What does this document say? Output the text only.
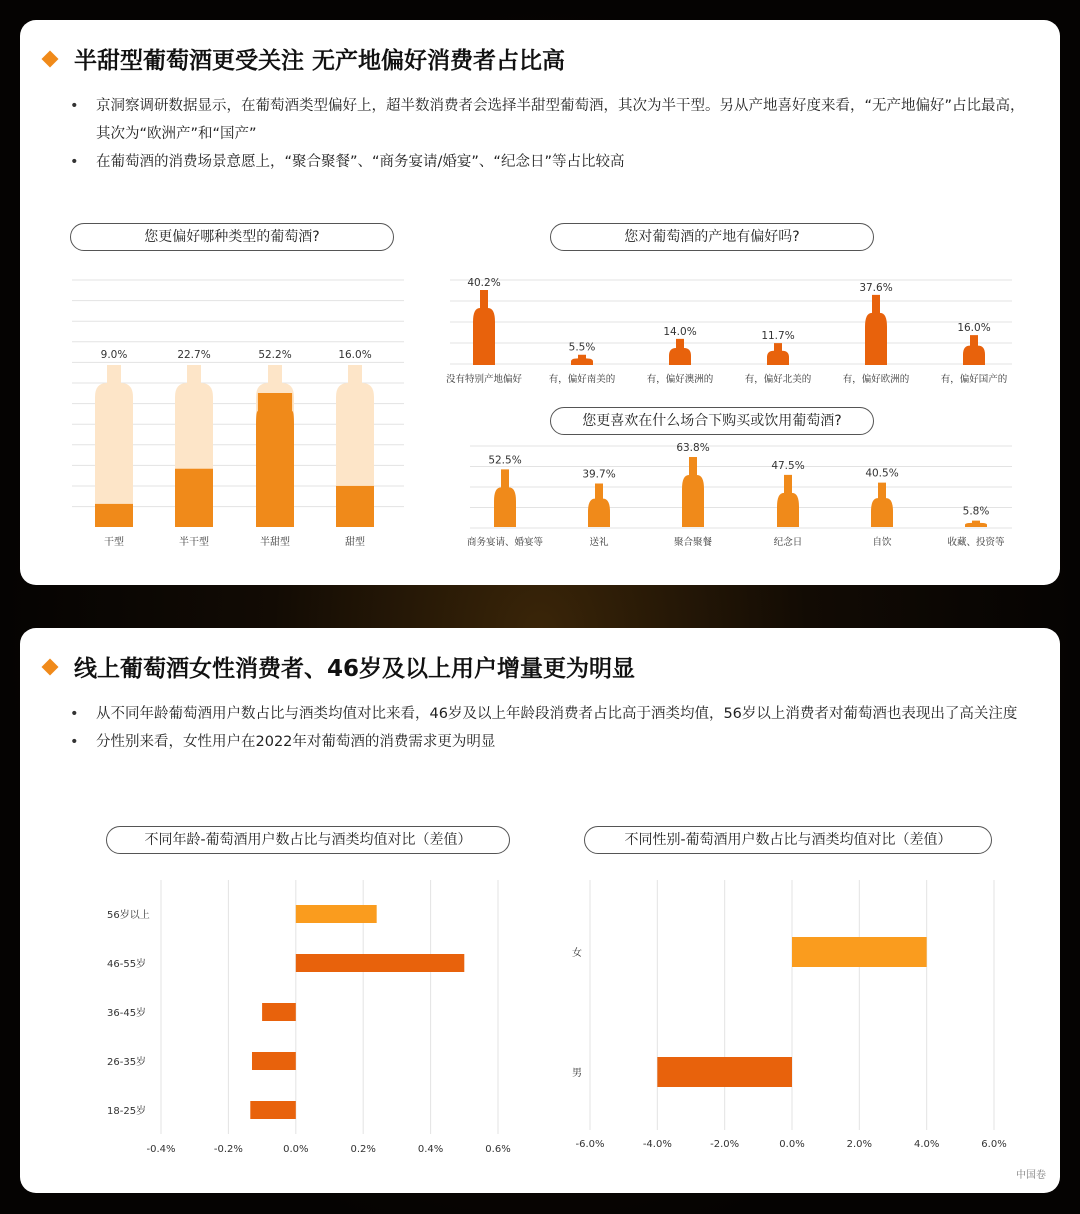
半甜型葡萄酒更受关注 无产地偏好消费者占比高
• 京洞察调研数据显示，在葡萄酒类型偏好上，超半数消费者会选择半甜型葡萄酒，其次为半干型。另从产地喜好度来看，“无产地偏好”占比最高，其次为“欧洲产”和“国产”
• 在葡萄酒的消费场景意愿上，“聚合聚餐”、“商务宴请/婚宴”、“纪念日”等占比较高
您更偏好哪种类型的葡萄酒?	您对葡萄酒的产地有偏好吗?
您更喜欢在什么场合下购买或饮用葡萄酒?
9.0%
干型
22.7%
半干型
52.2%
半甜型
16.0%
甜型
40.2%
没有特别产地偏好
5.5%
有，偏好南美的
14.0%
有，偏好澳洲的
11.7%
有，偏好北美的
37.6%
有，偏好欧洲的
16.0%
有，偏好国产的
52.5%
商务宴请、婚宴等
39.7%
送礼
63.8%
聚合聚餐
47.5%
纪念日
40.5%
自饮
5.8%
收藏、投资等
线上葡萄酒女性消费者、46岁及以上用户增量更为明显
• 从不同年龄葡萄酒用户数占比与酒类均值对比来看，46岁及以上年龄段消费者占比高于酒类均值，56岁以上消费者对葡萄酒也表现出了高关注度
• 分性别来看，女性用户在2022年对葡萄酒的消费需求更为明显
不同年龄-葡萄酒用户数占比与酒类均值对比（差值）	不同性别-葡萄酒用户数占比与酒类均值对比（差值）
-0.4%	-0.2%	0.0%	0.2%	0.4%	0.6%
56岁以上
46-55岁
36-45岁
26-35岁
18-25岁
-6.0%	-4.0%	-2.0%	0.0%	2.0%	4.0%	6.0%
女
男
中国卷
